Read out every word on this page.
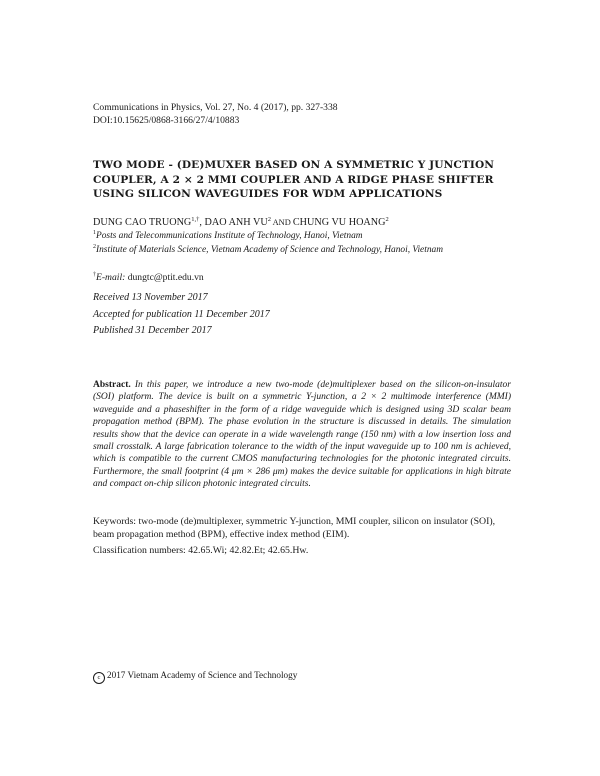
Communications in Physics, Vol. 27, No. 4 (2017), pp. 327-338
DOI:10.15625/0868-3166/27/4/10883
TWO MODE - (DE)MUXER BASED ON A SYMMETRIC Y JUNCTION COUPLER, A 2 × 2 MMI COUPLER AND A RIDGE PHASE SHIFTER USING SILICON WAVEGUIDES FOR WDM APPLICATIONS
DUNG CAO $TRUONG^{1,\dagger}$, DAO ANH $VU^2$ AND CHUNG VU HOANG$^2$
$^1$Posts and Telecommunications Institute of Technology, Hanoi, Vietnam
$^2$Institute of Materials Science, Vietnam Academy of Science and Technology, Hanoi, Vietnam
†E-mail: dungtc@ptit.edu.vn
Received 13 November 2017
Accepted for publication 11 December 2017
Published 31 December 2017
Abstract. In this paper, we introduce a new two-mode (de)multiplexer based on the silicon-on-insulator (SOI) platform. The device is built on a symmetric Y-junction, a 2 × 2 multimode interference (MMI) waveguide and a phaseshifter in the form of a ridge waveguide which is designed using 3D scalar beam propagation method (BPM). The phase evolution in the structure is discussed in details. The simulation results show that the device can operate in a wide wavelength range (150 nm) with a low insertion loss and small crosstalk. A large fabrication tolerance to the width of the input waveguide up to 100 nm is achieved, which is compatible to the current CMOS manufacturing technologies for the photonic integrated circuits. Furthermore, the small footprint (4 μm × 286 μm) makes the device suitable for applications in high bitrate and compact on-chip silicon photonic integrated circuits.
Keywords: two-mode (de)multiplexer, symmetric Y-junction, MMI coupler, silicon on insulator (SOI), beam propagation method (BPM), effective index method (EIM).
Classification numbers: 42.65.Wi; 42.82.Et; 42.65.Hw.
c 2017 Vietnam Academy of Science and Technology
